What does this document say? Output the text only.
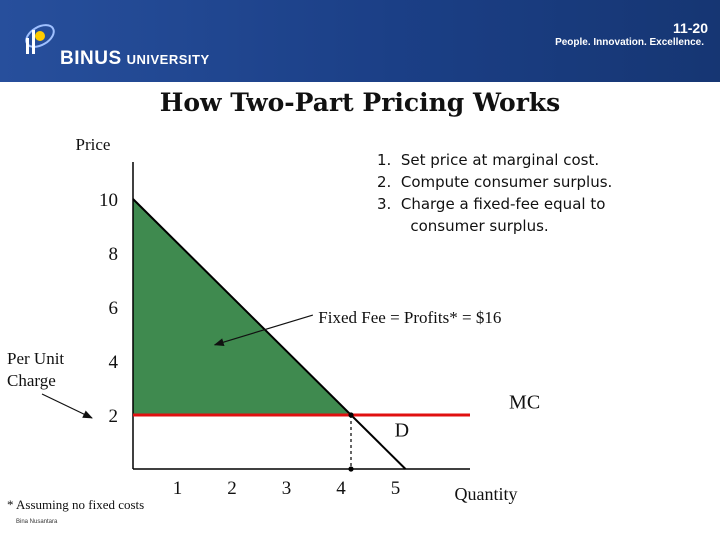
BINUS UNIVERSITY
11-20
People. Innovation. Excellence.
How Two-Part Pricing Works
1.  Set price at marginal cost.
2.  Compute consumer surplus.
3.  Charge a fixed-fee equal to
consumer surplus.
2
4
6
8
10
1 2 3 4 5
Price
Quantity
D
MC
Fixed Fee = Profits* = $16
Per Unit Charge
* Assuming no fixed costs
Bina Nusantara
